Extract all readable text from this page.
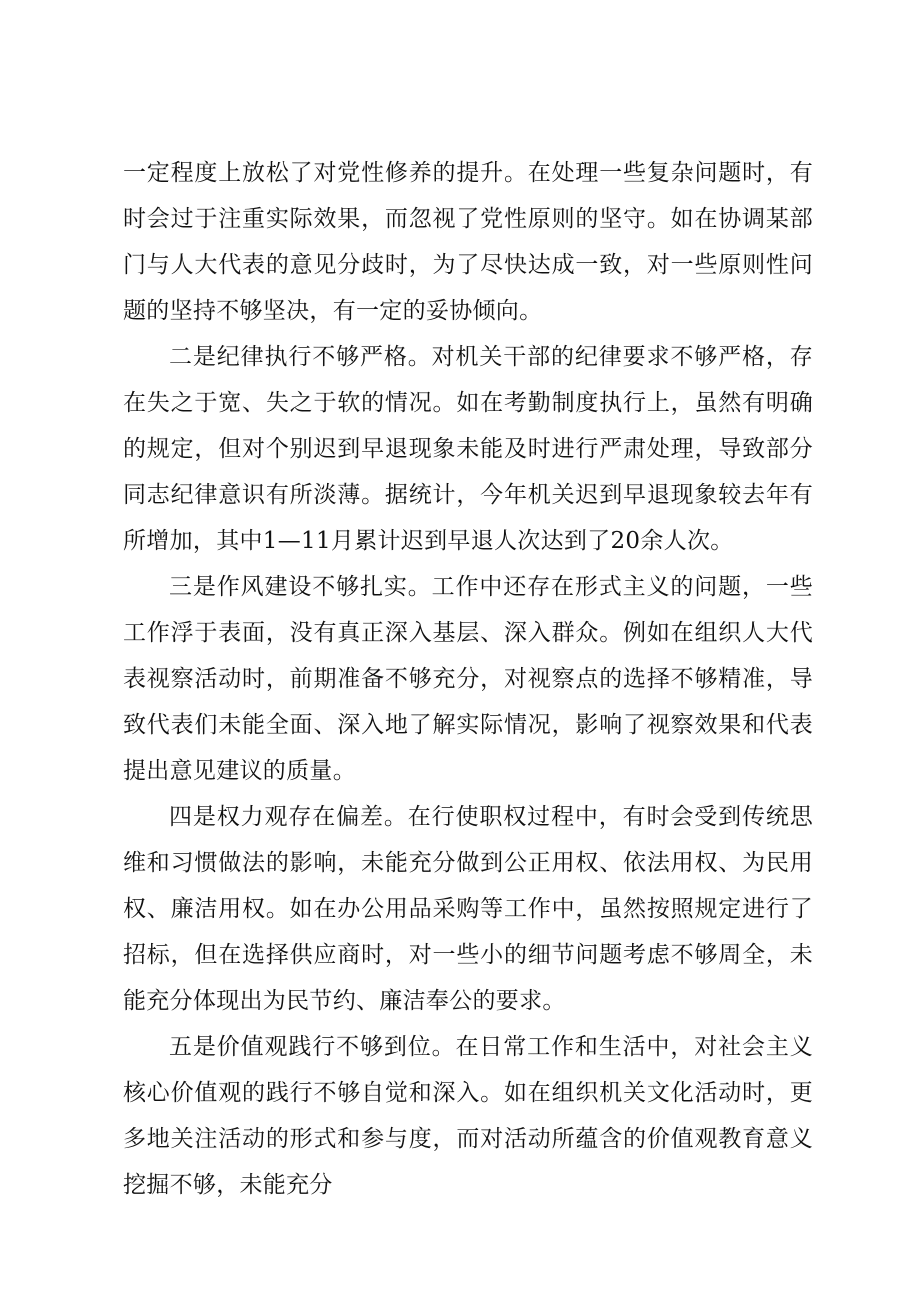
一定程度上放松了对党性修养的提升。在处理一些复杂问题时，有时会过于注重实际效果，而忽视了党性原则的坚守。如在协调某部门与人大代表的意见分歧时，为了尽快达成一致，对一些原则性问题的坚持不够坚决，有一定的妥协倾向。

二是纪律执行不够严格。对机关干部的纪律要求不够严格，存在失之于宽、失之于软的情况。如在考勤制度执行上，虽然有明确的规定，但对个别迟到早退现象未能及时进行严肃处理，导致部分同志纪律意识有所淡薄。据统计，今年机关迟到早退现象较去年有所增加，其中1—11月累计迟到早退人次达到了20余人次。

三是作风建设不够扎实。工作中还存在形式主义的问题，一些工作浮于表面，没有真正深入基层、深入群众。例如在组织人大代表视察活动时，前期准备不够充分，对视察点的选择不够精准，导致代表们未能全面、深入地了解实际情况，影响了视察效果和代表提出意见建议的质量。

四是权力观存在偏差。在行使职权过程中，有时会受到传统思维和习惯做法的影响，未能充分做到公正用权、依法用权、为民用权、廉洁用权。如在办公用品采购等工作中，虽然按照规定进行了招标，但在选择供应商时，对一些小的细节问题考虑不够周全，未能充分体现出为民节约、廉洁奉公的要求。

五是价值观践行不够到位。在日常工作和生活中，对社会主义核心价值观的践行不够自觉和深入。如在组织机关文化活动时，更多地关注活动的形式和参与度，而对活动所蕴含的价值观教育意义挖掘不够，未能充分
